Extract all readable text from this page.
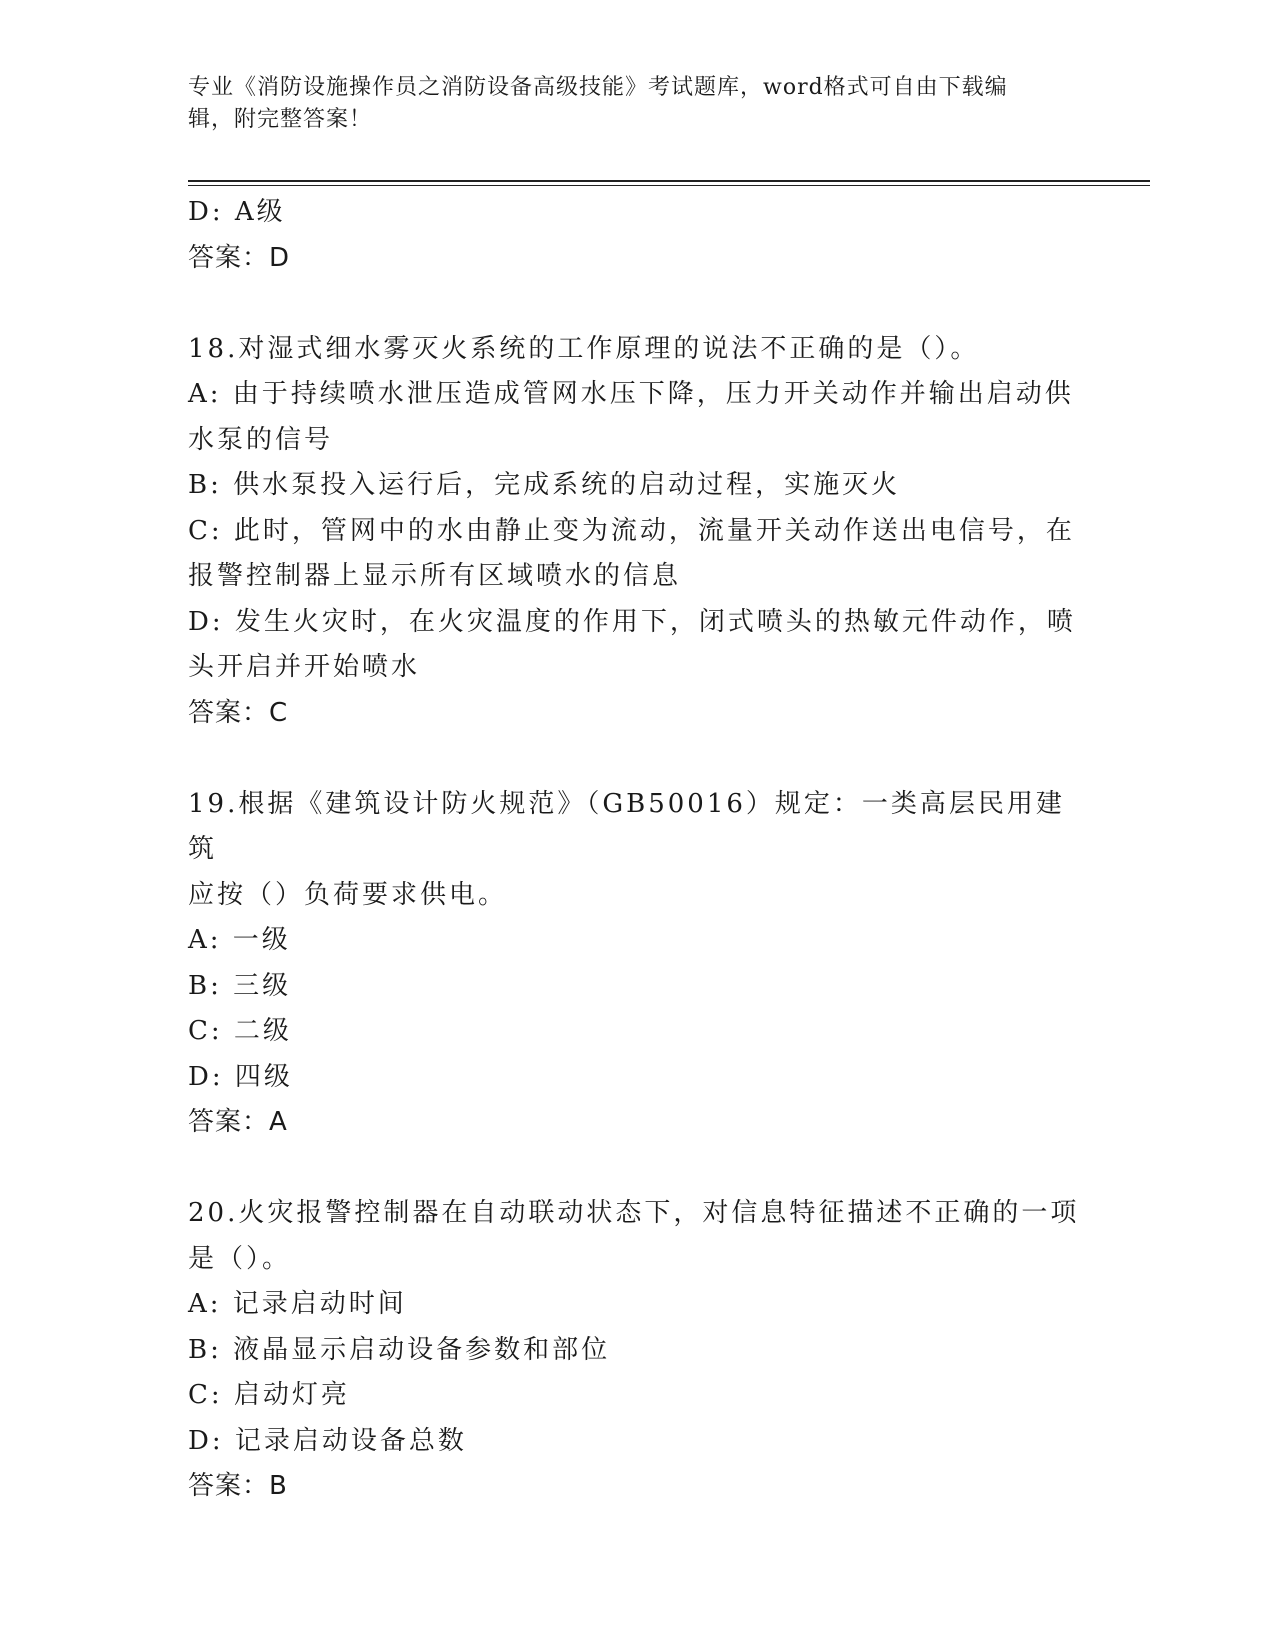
专业《消防设施操作员之消防设备高级技能》考试题库，word格式可自由下载编
辑，附完整答案！
D: A级
答案：D
18.对湿式细水雾灭火系统的工作原理的说法不正确的是（）。
A: 由于持续喷水泄压造成管网水压下降，压力开关动作并输出启动供
水泵的信号
B: 供水泵投入运行后，完成系统的启动过程，实施灭火
C: 此时，管网中的水由静止变为流动，流量开关动作送出电信号，在
报警控制器上显示所有区域喷水的信息
D: 发生火灾时，在火灾温度的作用下，闭式喷头的热敏元件动作，喷
头开启并开始喷水
答案：C
19.根据《建筑设计防火规范》（GB50016）规定：一类高层民用建筑
应按（）负荷要求供电。
A: 一级
B: 三级
C: 二级
D: 四级
答案：A
20.火灾报警控制器在自动联动状态下，对信息特征描述不正确的一项
是（）。
A: 记录启动时间
B: 液晶显示启动设备参数和部位
C: 启动灯亮
D: 记录启动设备总数
答案：B
